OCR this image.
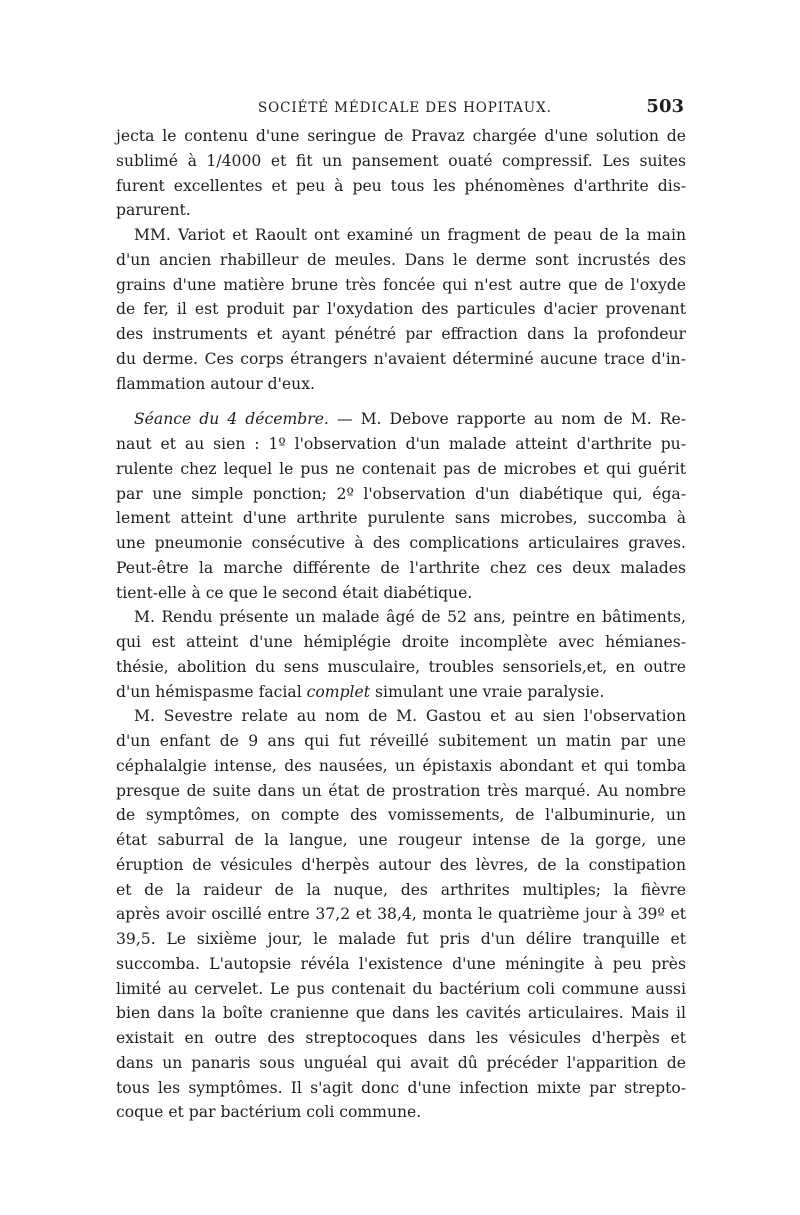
SOCIÉTÉ MÉDICALE DES HOPITAUX.	503
jecta le contenu d'une seringue de Pravaz chargée d'une solution de
sublimé à 1/4000 et fit un pansement ouaté compressif. Les suites
furent excellentes et peu à peu tous les phénomènes d'arthrite dis-
parurent.
MM. Variot et Raoult ont examiné un fragment de peau de la main
d'un ancien rhabilleur de meules. Dans le derme sont incrustés des
grains d'une matière brune très foncée qui n'est autre que de l'oxyde
de fer, il est produit par l'oxydation des particules d'acier provenant
des instruments et ayant pénétré par effraction dans la profondeur
du derme. Ces corps étrangers n'avaient déterminé aucune trace d'in-
flammation autour d'eux.
Séance du 4 décembre. — M. Debove rapporte au nom de M. Re-
naut et au sien : 1º l'observation d'un malade atteint d'arthrite pu-
rulente chez lequel le pus ne contenait pas de microbes et qui guérit
par une simple ponction; 2º l'observation d'un diabétique qui, éga-
lement atteint d'une arthrite purulente sans microbes, succomba à
une pneumonie consécutive à des complications articulaires graves.
Peut-être la marche différente de l'arthrite chez ces deux malades
tient-elle à ce que le second était diabétique.
M. Rendu présente un malade âgé de 52 ans, peintre en bâtiments,
qui est atteint d'une hémiplégie droite incomplète avec hémianes-
thésie, abolition du sens musculaire, troubles sensoriels,et, en outre
d'un hémispasme facial complet simulant une vraie paralysie.
M. Sevestre relate au nom de M. Gastou et au sien l'observation
d'un enfant de 9 ans qui fut réveillé subitement un matin par une
céphalalgie intense, des nausées, un épistaxis abondant et qui tomba
presque de suite dans un état de prostration très marqué. Au nombre
de symptômes, on compte des vomissements, de l'albuminurie, un
état saburral de la langue, une rougeur intense de la gorge, une
éruption de vésicules d'herpès autour des lèvres, de la constipation
et de la raideur de la nuque, des arthrites multiples; la fièvre
après avoir oscillé entre 37,2 et 38,4, monta le quatrième jour à 39º et
39,5. Le sixième jour, le malade fut pris d'un délire tranquille et
succomba. L'autopsie révéla l'existence d'une méningite à peu près
limité au cervelet. Le pus contenait du bactérium coli commune aussi
bien dans la boîte cranienne que dans les cavités articulaires. Mais il
existait en outre des streptocoques dans les vésicules d'herpès et
dans un panaris sous unguéal qui avait dû précéder l'apparition de
tous les symptômes. Il s'agit donc d'une infection mixte par strepto-
coque et par bactérium coli commune.
